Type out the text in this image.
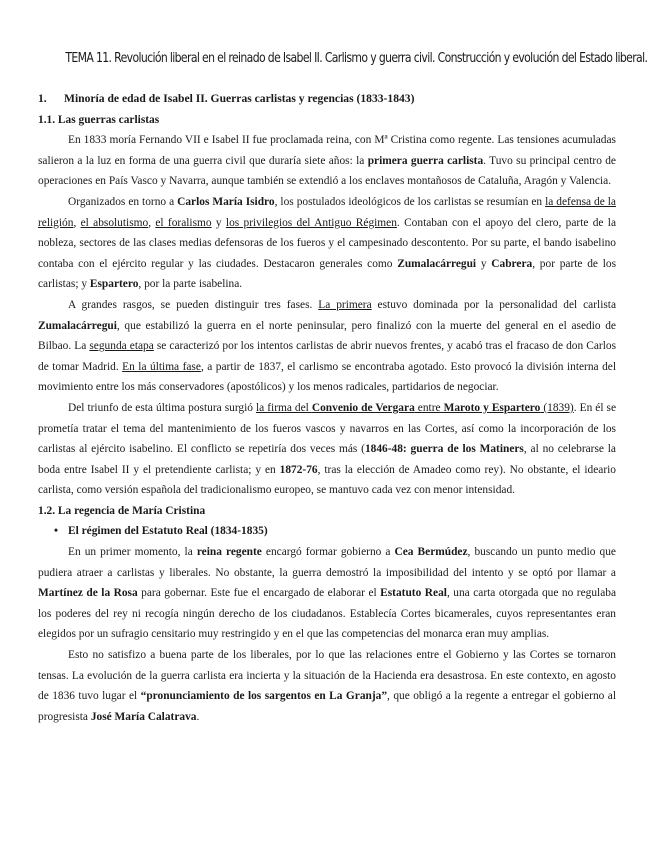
TEMA 11. Revolución liberal en el reinado de Isabel II. Carlismo y guerra civil. Construcción y evolución del Estado liberal.
1. Minoría de edad de Isabel II. Guerras carlistas y regencias (1833-1843)
1.1. Las guerras carlistas

En 1833 moría Fernando VII e Isabel II fue proclamada reina, con Mª Cristina como regente. Las tensiones acumuladas salieron a la luz en forma de una guerra civil que duraría siete años: la primera guerra carlista. Tuvo su principal centro de operaciones en País Vasco y Navarra, aunque también se extendió a los enclaves montañosos de Cataluña, Aragón y Valencia.

Organizados en torno a Carlos María Isidro, los postulados ideológicos de los carlistas se resumían en la defensa de la religión, el absolutismo, el foralismo y los privilegios del Antiguo Régimen. Contaban con el apoyo del clero, parte de la nobleza, sectores de las clases medias defensoras de los fueros y el campesinado descontento. Por su parte, el bando isabelino contaba con el ejército regular y las ciudades. Destacaron generales como Zumalacárregui y Cabrera, por parte de los carlistas; y Espartero, por la parte isabelina.

A grandes rasgos, se pueden distinguir tres fases. La primera estuvo dominada por la personalidad del carlista Zumalacárregui, que estabilizó la guerra en el norte peninsular, pero finalizó con la muerte del general en el asedio de Bilbao. La segunda etapa se caracterizó por los intentos carlistas de abrir nuevos frentes, y acabó tras el fracaso de don Carlos de tomar Madrid. En la última fase, a partir de 1837, el carlismo se encontraba agotado. Esto provocó la división interna del movimiento entre los más conservadores (apostólicos) y los menos radicales, partidarios de negociar.

Del triunfo de esta última postura surgió la firma del Convenio de Vergara entre Maroto y Espartero (1839). En él se prometía tratar el tema del mantenimiento de los fueros vascos y navarros en las Cortes, así como la incorporación de los carlistas al ejército isabelino. El conflicto se repetiría dos veces más (1846-48: guerra de los Matiners, al no celebrarse la boda entre Isabel II y el pretendiente carlista; y en 1872-76, tras la elección de Amadeo como rey). No obstante, el ideario carlista, como versión española del tradicionalismo europeo, se mantuvo cada vez con menor intensidad.

1.2. La regencia de María Cristina
• El régimen del Estatuto Real (1834-1835)

En un primer momento, la reina regente encargó formar gobierno a Cea Bermúdez, buscando un punto medio que pudiera atraer a carlistas y liberales. No obstante, la guerra demostró la imposibilidad del intento y se optó por llamar a Martínez de la Rosa para gobernar. Este fue el encargado de elaborar el Estatuto Real, una carta otorgada que no regulaba los poderes del rey ni recogía ningún derecho de los ciudadanos. Establecía Cortes bicamerales, cuyos representantes eran elegidos por un sufragio censitario muy restringido y en el que las competencias del monarca eran muy amplias.

Esto no satisfizo a buena parte de los liberales, por lo que las relaciones entre el Gobierno y las Cortes se tornaron tensas. La evolución de la guerra carlista era incierta y la situación de la Hacienda era desastrosa. En este contexto, en agosto de 1836 tuvo lugar el “pronunciamiento de los sargentos en La Granja”, que obligó a la regente a entregar el gobierno al progresista José María Calatrava.
